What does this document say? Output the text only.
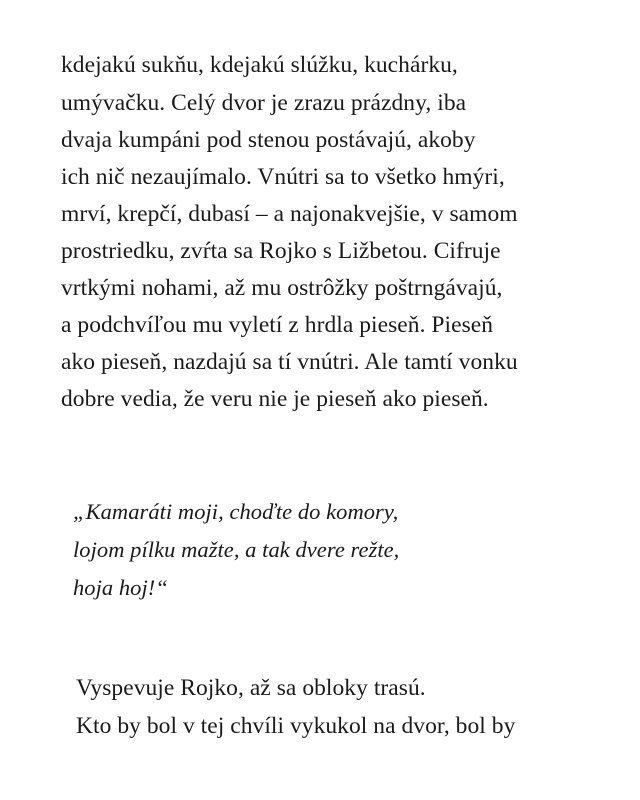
kdejakú sukňu, kdejakú slúžku, kuchárku,
umývačku. Celý dvor je zrazu prázdny, iba
dvaja kumpáni pod stenou postávajú, akoby
ich nič nezaujímalo. Vnútri sa to všetko hmýri,
mrví, krepčí, dubasí – a najonakvejšie, v samom
prostriedku, zvŕta sa Rojko s Ližbetou. Cifruje
vrtkými nohami, až mu ostrôžky poštrngávajú,
a podchvíľou mu vyletí z hrdla pieseň. Pieseň
ako pieseň, nazdajú sa tí vnútri. Ale tamtí vonku
dobre vedia, že veru nie je pieseň ako pieseň.
„Kamaráti moji, choďte do komory,
lojom pílku mažte, a tak dvere režte,
hoja hoj!“
Vyspevuje Rojko, až sa obloky trasú.
Kto by bol v tej chvíli vykukol na dvor, bol by
